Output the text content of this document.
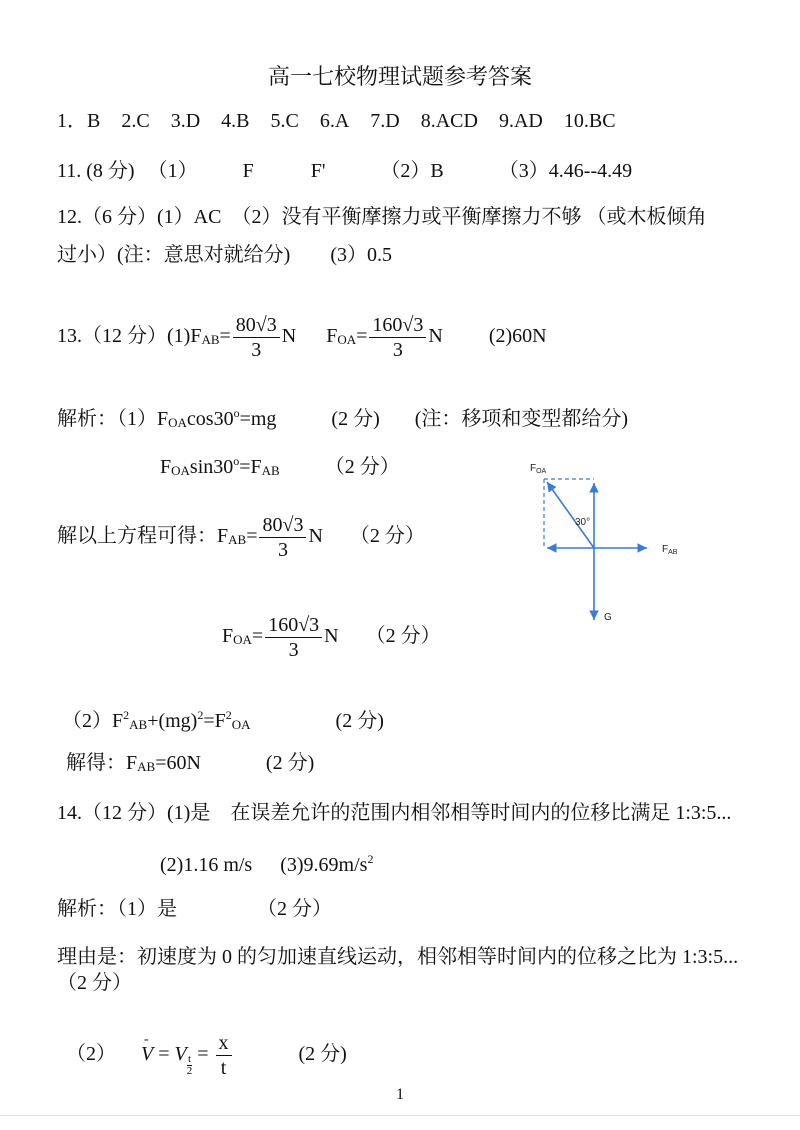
高一七校物理试题参考答案
1．B 2.C 3.D 4.B 5.C 6.A 7.D 8.ACD 9.AD 10.BC
11. (8 分) （1） F	F'	（2）B	（3）4.46--4.49
12.（6 分）(1）AC　（2）没有平衡摩擦力或平衡摩擦力不够 （或木板倾角
过小）(注：意思对就给分)　　(3）0.5
13.（12 分）$(1)F_{AB}= \frac{80√3}{3}$ N $F_{OA}= \frac{160√3}{3}$ N (2)60N
解析：$(1)F_{OA}\cos 30^o=mg$	(2 分) (注：移项和变型都给分)
$F_{OA}\sin 30^o=F_{AB}$ （2 分）
解以上方程可得：$F_{AB}= \frac{80√3}{3}$ N （2 分）
$F_{OA}= \frac{160√3}{3}$ N （2 分）
$(2)F^2_{AB}+(mg)^2=F^2_{OA}$	(2 分)
解得：$F_{AB}=60N$	(2 分)
14.（12 分）(1)是　在误差允许的范围内相邻相等时间内的位移比满足 1:3:5...
(2)1.16 m/s $(3)9.69m/s^2$
解析：（1）是	（2 分）
理由是：初速度为 0 的匀加速直线运动，相邻相等时间内的位移之比为 1:3:5...
（2 分）
（2）
-
V = V $\frac{t}{2} = \frac{x}{t}$	(2 分)
$F_{OA}$
30°
$F_{AB}$
G
1
